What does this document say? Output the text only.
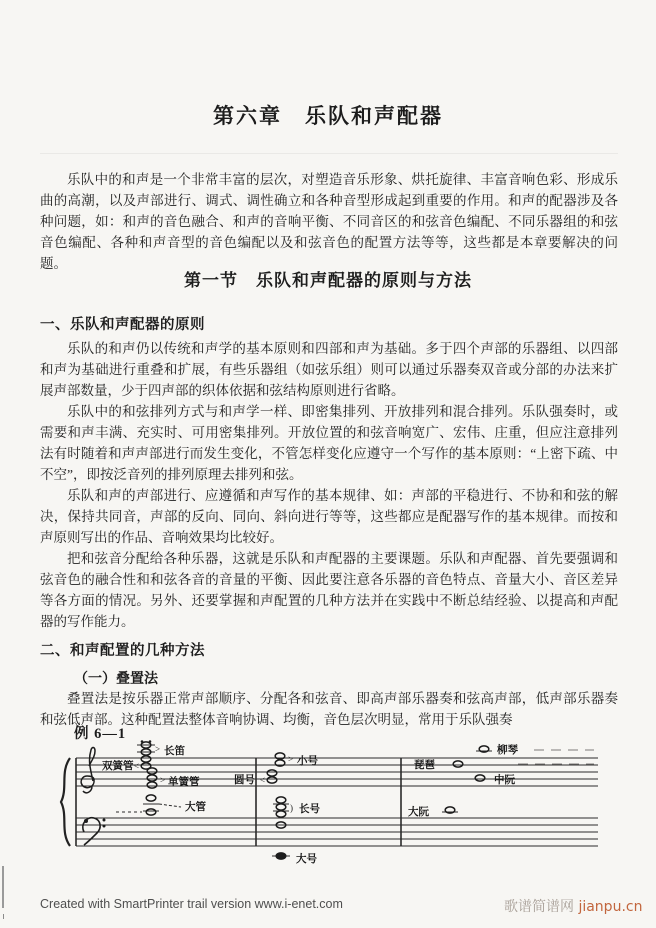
第六章　乐队和声配器

乐队中的和声是一个非常丰富的层次，对塑造音乐形象、烘托旋律、丰富音响色彩、形成乐曲的高潮，以及声部进行、调式、调性确立和各种音型形成起到重要的作用。和声的配器涉及各种问题，如：和声的音色融合、和声的音响平衡、不同音区的和弦音色编配、不同乐器组的和弦音色编配、各种和声音型的音色编配以及和弦音色的配置方法等等，这些都是本章要解决的问题。

第一节　乐队和声配器的原则与方法
一、乐队和声配器的原则

乐队的和声仍以传统和声学的基本原则和四部和声为基础。多于四个声部的乐器组、以四部和声为基础进行重叠和扩展，有些乐器组（如弦乐组）则可以通过乐器奏双音或分部的办法来扩展声部数量，少于四声部的织体依据和弦结构原则进行省略。

乐队中的和弦排列方式与和声学一样、即密集排列、开放排列和混合排列。乐队强奏时，或需要和声丰满、充实时、可用密集排列。开放位置的和弦音响宽广、宏伟、庄重，但应注意排列法有时随着和声声部进行而发生变化，不管怎样变化应遵守一个写作的基本原则：“上密下疏、中不空”，即按泛音列的排列原理去排列和弦。

乐队和声的声部进行、应遵循和声写作的基本规律、如：声部的平稳进行、不协和和弦的解决，保持共同音，声部的反向、同向、斜向进行等等，这些都应是配器写作的基本规律。而按和声原则写出的作品、音响效果均比较好。

把和弦音分配给各种乐器，这就是乐队和声配器的主要课题。乐队和声配器、首先要强调和弦音色的融合性和和弦各音的音量的平衡、因此要注意各乐器的音色特点、音量大小、音区差异等各方面的情况。另外、还要掌握和声配置的几种方法并在实践中不断总结经验、以提高和声配器的写作能力。

二、和声配置的几种方法
（一）叠置法

叠置法是按乐器正常声部顺序、分配各和弦音、即高声部乐器奏和弦高声部，低声部乐器奏和弦低声部。这种配置法整体音响协调、均衡，音色层次明显，常用于乐队强奏

例 6—1
双簧管 <
> 长笛
> 单簧管
大管
圆号 <
> 小号
) 长号
大号
柳琴
琵琶
中阮
大阮
Created with SmartPrinter trail version www.i-enet.com	歌谱简谱网 jianpu.cn
